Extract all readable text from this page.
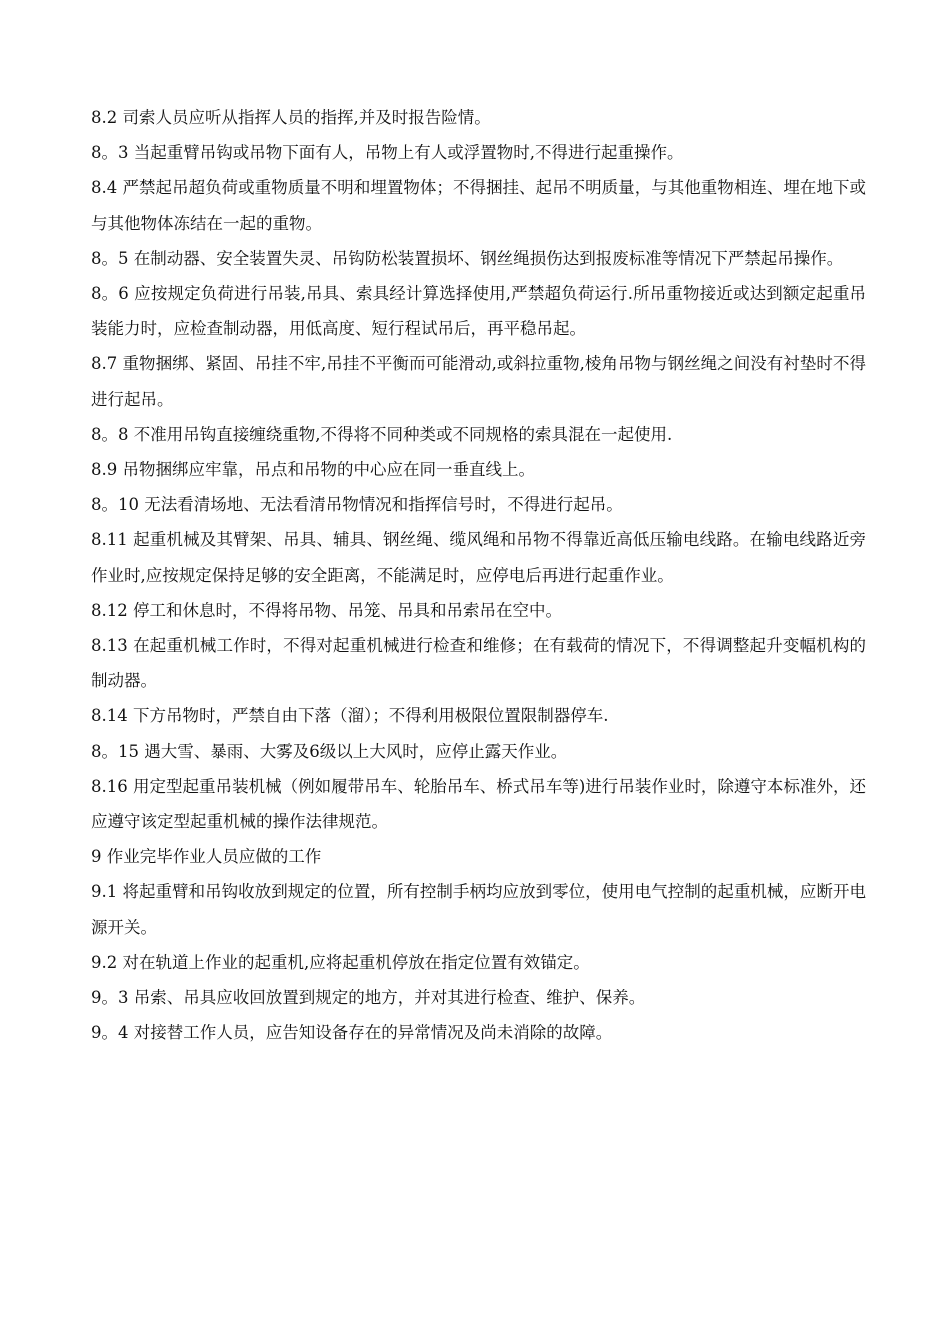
8.2 司索人员应听从指挥人员的指挥,并及时报告险情。

8。3 当起重臂吊钩或吊物下面有人，吊物上有人或浮置物时,不得进行起重操作。

8.4 严禁起吊超负荷或重物质量不明和埋置物体；不得捆挂、起吊不明质量，与其他重物相连、埋在地下或与其他物体冻结在一起的重物。

8。5 在制动器、安全装置失灵、吊钩防松装置损坏、钢丝绳损伤达到报废标准等情况下严禁起吊操作。

8。6 应按规定负荷进行吊装,吊具、索具经计算选择使用,严禁超负荷运行.所吊重物接近或达到额定起重吊装能力时，应检查制动器，用低高度、短行程试吊后，再平稳吊起。

8.7 重物捆绑、紧固、吊挂不牢,吊挂不平衡而可能滑动,或斜拉重物,棱角吊物与钢丝绳之间没有衬垫时不得进行起吊。

8。8 不准用吊钩直接缠绕重物,不得将不同种类或不同规格的索具混在一起使用.

8.9 吊物捆绑应牢靠，吊点和吊物的中心应在同一垂直线上。

8。10 无法看清场地、无法看清吊物情况和指挥信号时，不得进行起吊。

8.11 起重机械及其臂架、吊具、辅具、钢丝绳、缆风绳和吊物不得靠近高低压输电线路。在输电线路近旁作业时,应按规定保持足够的安全距离，不能满足时，应停电后再进行起重作业。

8.12 停工和休息时，不得将吊物、吊笼、吊具和吊索吊在空中。

8.13 在起重机械工作时，不得对起重机械进行检查和维修；在有载荷的情况下，不得调整起升变幅机构的制动器。

8.14 下方吊物时，严禁自由下落（溜）；不得利用极限位置限制器停车.

8。15 遇大雪、暴雨、大雾及6级以上大风时，应停止露天作业。

8.16 用定型起重吊装机械（例如履带吊车、轮胎吊车、桥式吊车等)进行吊装作业时，除遵守本标准外，还应遵守该定型起重机械的操作法律规范。

9 作业完毕作业人员应做的工作

9.1 将起重臂和吊钩收放到规定的位置，所有控制手柄均应放到零位，使用电气控制的起重机械，应断开电源开关。

9.2 对在轨道上作业的起重机,应将起重机停放在指定位置有效锚定。

9。3 吊索、吊具应收回放置到规定的地方，并对其进行检查、维护、保养。

9。4 对接替工作人员，应告知设备存在的异常情况及尚未消除的故障。
